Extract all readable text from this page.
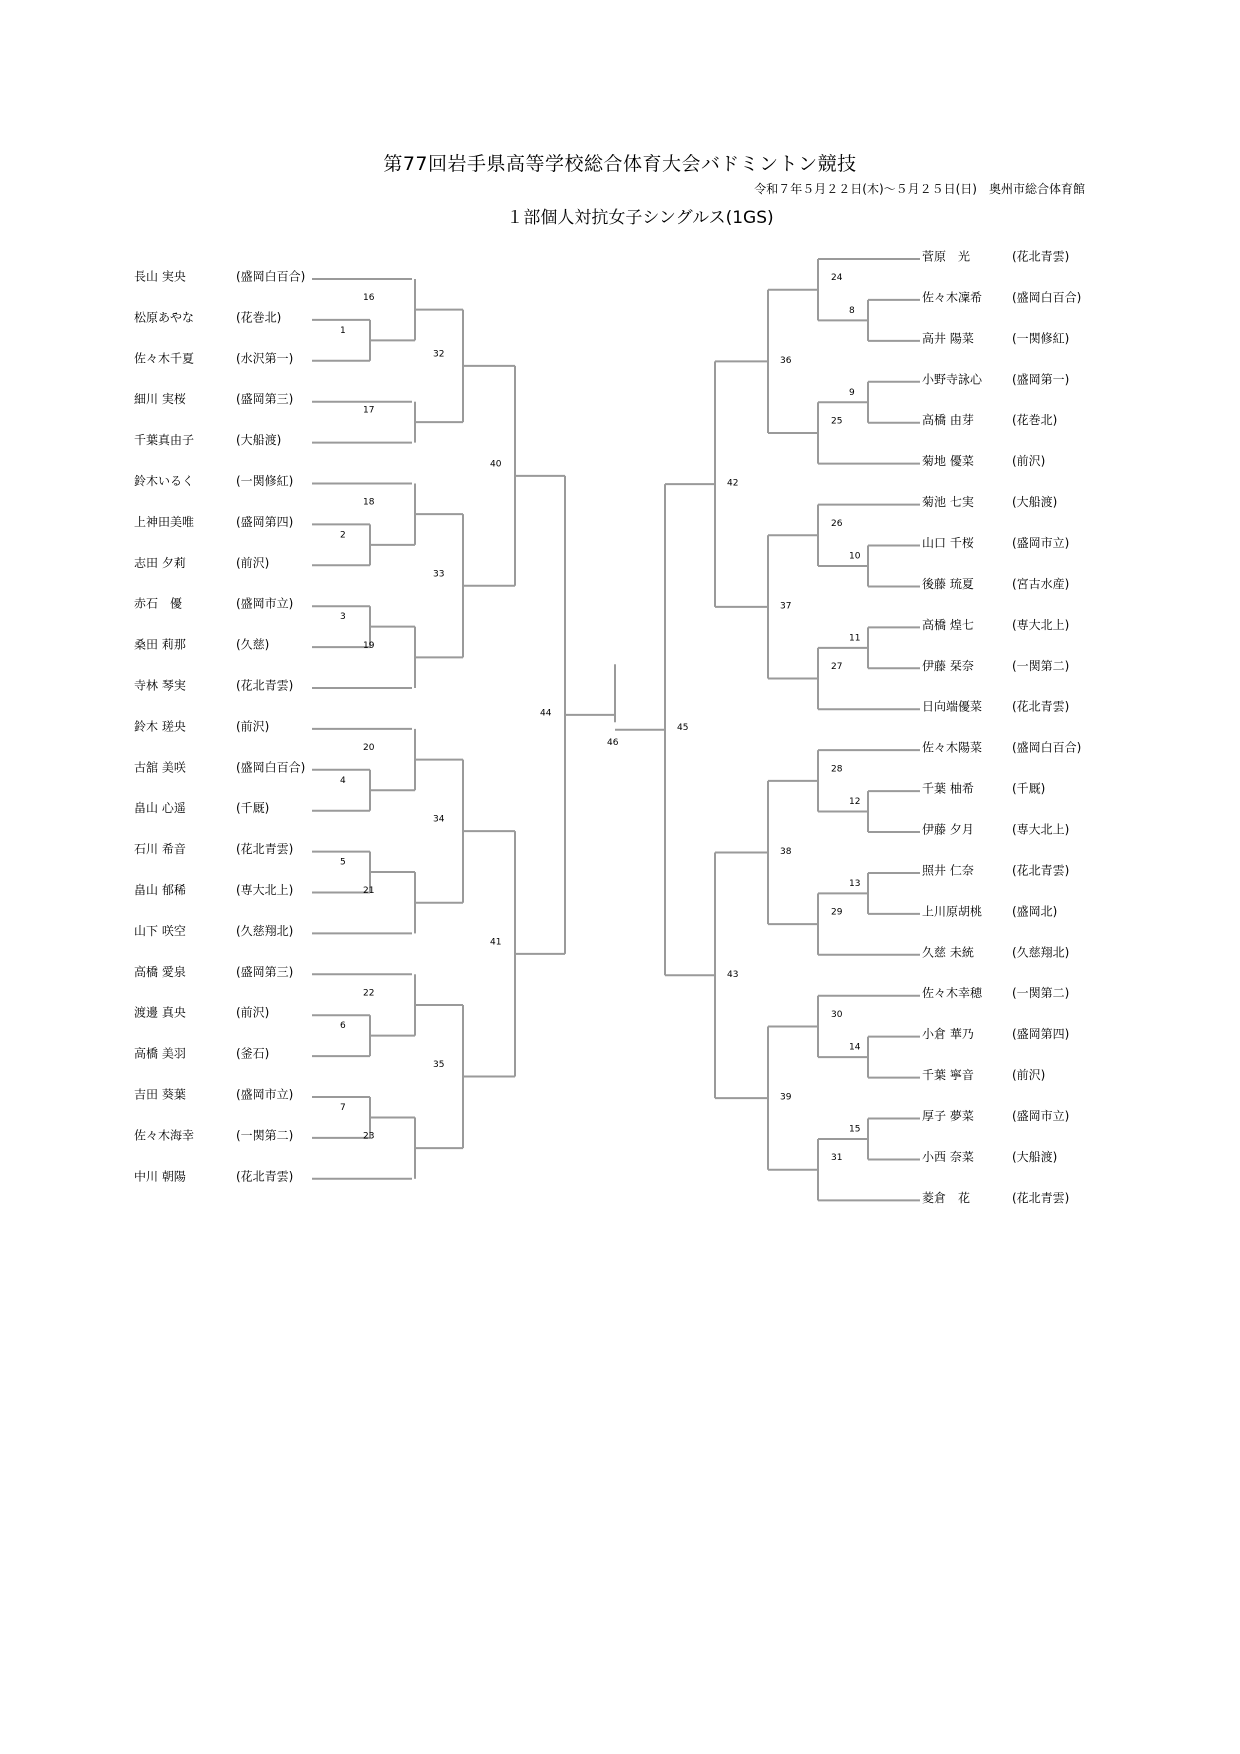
第77回岩手県高等学校総合体育大会バドミントン競技
令和７年５月２２日(木)～５月２５日(日)　奥州市総合体育館
１部個人対抗女子シングルス(1GS)
長山 実央	(盛岡白百合)
松原あやな	(花巻北)
佐々木千夏	(水沢第一)
細川 実桜	(盛岡第三)
千葉真由子	(大船渡)
鈴木いるく	(一関修紅)
上神田美唯	(盛岡第四)
志田 夕莉	(前沢)
赤石　優	(盛岡市立)
桑田 莉那	(久慈)
寺林 琴実	(花北青雲)
鈴木 瑳央	(前沢)
古舘 美咲	(盛岡白百合)
畠山 心遥	(千厩)
石川 希音	(花北青雲)
畠山 郁稀	(専大北上)
山下 咲空	(久慈翔北)
高橋 愛泉	(盛岡第三)
渡邊 真央	(前沢)
高橋 美羽	(釜石)
吉田 葵葉	(盛岡市立)
佐々木海幸	(一関第二)
中川 朝陽	(花北青雲)
1
2
3
4
5
6
7
16
17
18
19
20
21
22
23
32
33
34
35
40
41
44
菅原　光	(花北青雲)
佐々木凜希 (盛岡白百合)
高井 陽菜	(一関修紅)
小野寺詠心 (盛岡第一)
高橋 由芽	(花巻北)
菊地 優菜	(前沢)
菊池 七実	(大船渡)
山口 千桜	(盛岡市立)
後藤 琉夏	(宮古水産)
高橋 煌七	(専大北上)
伊藤 栞奈	(一関第二)
日向端優菜 (花北青雲)
佐々木陽菜 (盛岡白百合)
千葉 柚希	(千厩)
伊藤 夕月	(専大北上)
照井 仁奈	(花北青雲)
上川原胡桃 (盛岡北)
久慈 未統	(久慈翔北)
佐々木幸穂 (一関第二)
小倉 華乃	(盛岡第四)
千葉 寧音	(前沢)
厚子 夢菜	(盛岡市立)
小西 奈菜	(大船渡)
菱倉　花	(花北青雲)
8
9
10
11
12
13
14
15
24
25
26
27
28
29
30
31
36
37
38
39
42
43
45
46
